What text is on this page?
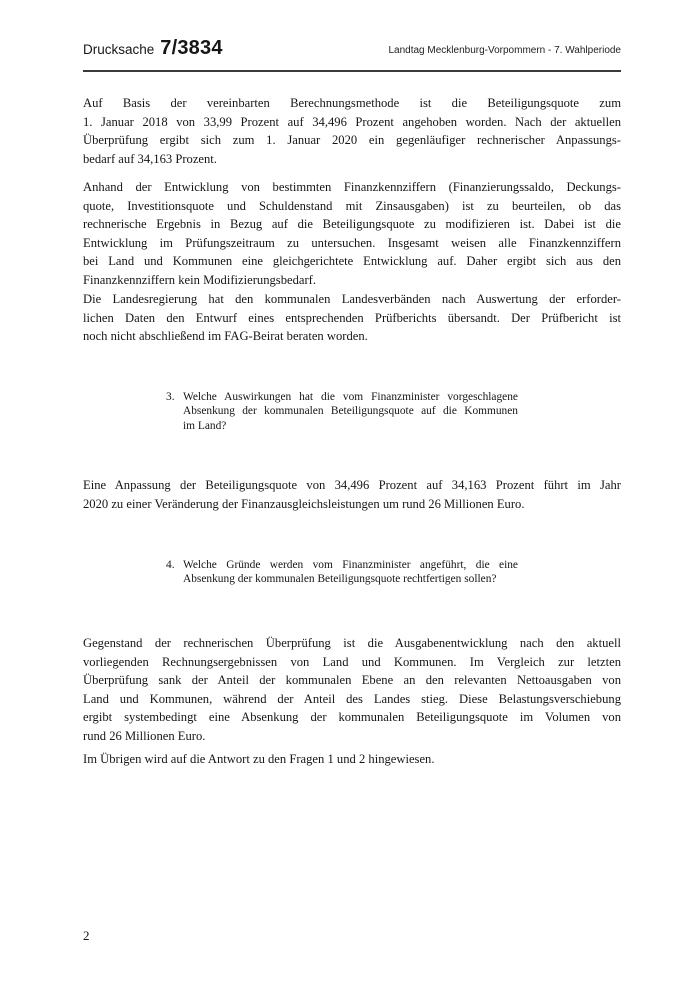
Drucksache 7/3834	Landtag Mecklenburg-Vorpommern - 7. Wahlperiode
Auf Basis der vereinbarten Berechnungsmethode ist die Beteiligungsquote zum
1. Januar 2018 von 33,99 Prozent auf 34,496 Prozent angehoben worden. Nach der aktuellen
Überprüfung ergibt sich zum 1. Januar 2020 ein gegenläufiger rechnerischer Anpassungs-
bedarf auf 34,163 Prozent.
Anhand der Entwicklung von bestimmten Finanzkennziffern (Finanzierungssaldo, Deckungs-
quote, Investitionsquote und Schuldenstand mit Zinsausgaben) ist zu beurteilen, ob das
rechnerische Ergebnis in Bezug auf die Beteiligungsquote zu modifizieren ist. Dabei ist die
Entwicklung im Prüfungszeitraum zu untersuchen. Insgesamt weisen alle Finanzkennziffern
bei Land und Kommunen eine gleichgerichtete Entwicklung auf. Daher ergibt sich aus den
Finanzkennziffern kein Modifizierungsbedarf.
Die Landesregierung hat den kommunalen Landesverbänden nach Auswertung der erforder-
lichen Daten den Entwurf eines entsprechenden Prüfberichts übersandt. Der Prüfbericht ist
noch nicht abschließend im FAG-Beirat beraten worden.
3. Welche Auswirkungen hat die vom Finanzminister vorgeschlagene
Absenkung der kommunalen Beteiligungsquote auf die Kommunen
im Land?
Eine Anpassung der Beteiligungsquote von 34,496 Prozent auf 34,163 Prozent führt im Jahr
2020 zu einer Veränderung der Finanzausgleichsleistungen um rund 26 Millionen Euro.
4. Welche Gründe werden vom Finanzminister angeführt, die eine
Absenkung der kommunalen Beteiligungsquote rechtfertigen sollen?
Gegenstand der rechnerischen Überprüfung ist die Ausgabenentwicklung nach den aktuell
vorliegenden Rechnungsergebnissen von Land und Kommunen. Im Vergleich zur letzten
Überprüfung sank der Anteil der kommunalen Ebene an den relevanten Nettoausgaben von
Land und Kommunen, während der Anteil des Landes stieg. Diese Belastungsverschiebung
ergibt systembedingt eine Absenkung der kommunalen Beteiligungsquote im Volumen von
rund 26 Millionen Euro.
Im Übrigen wird auf die Antwort zu den Fragen 1 und 2 hingewiesen.
2
